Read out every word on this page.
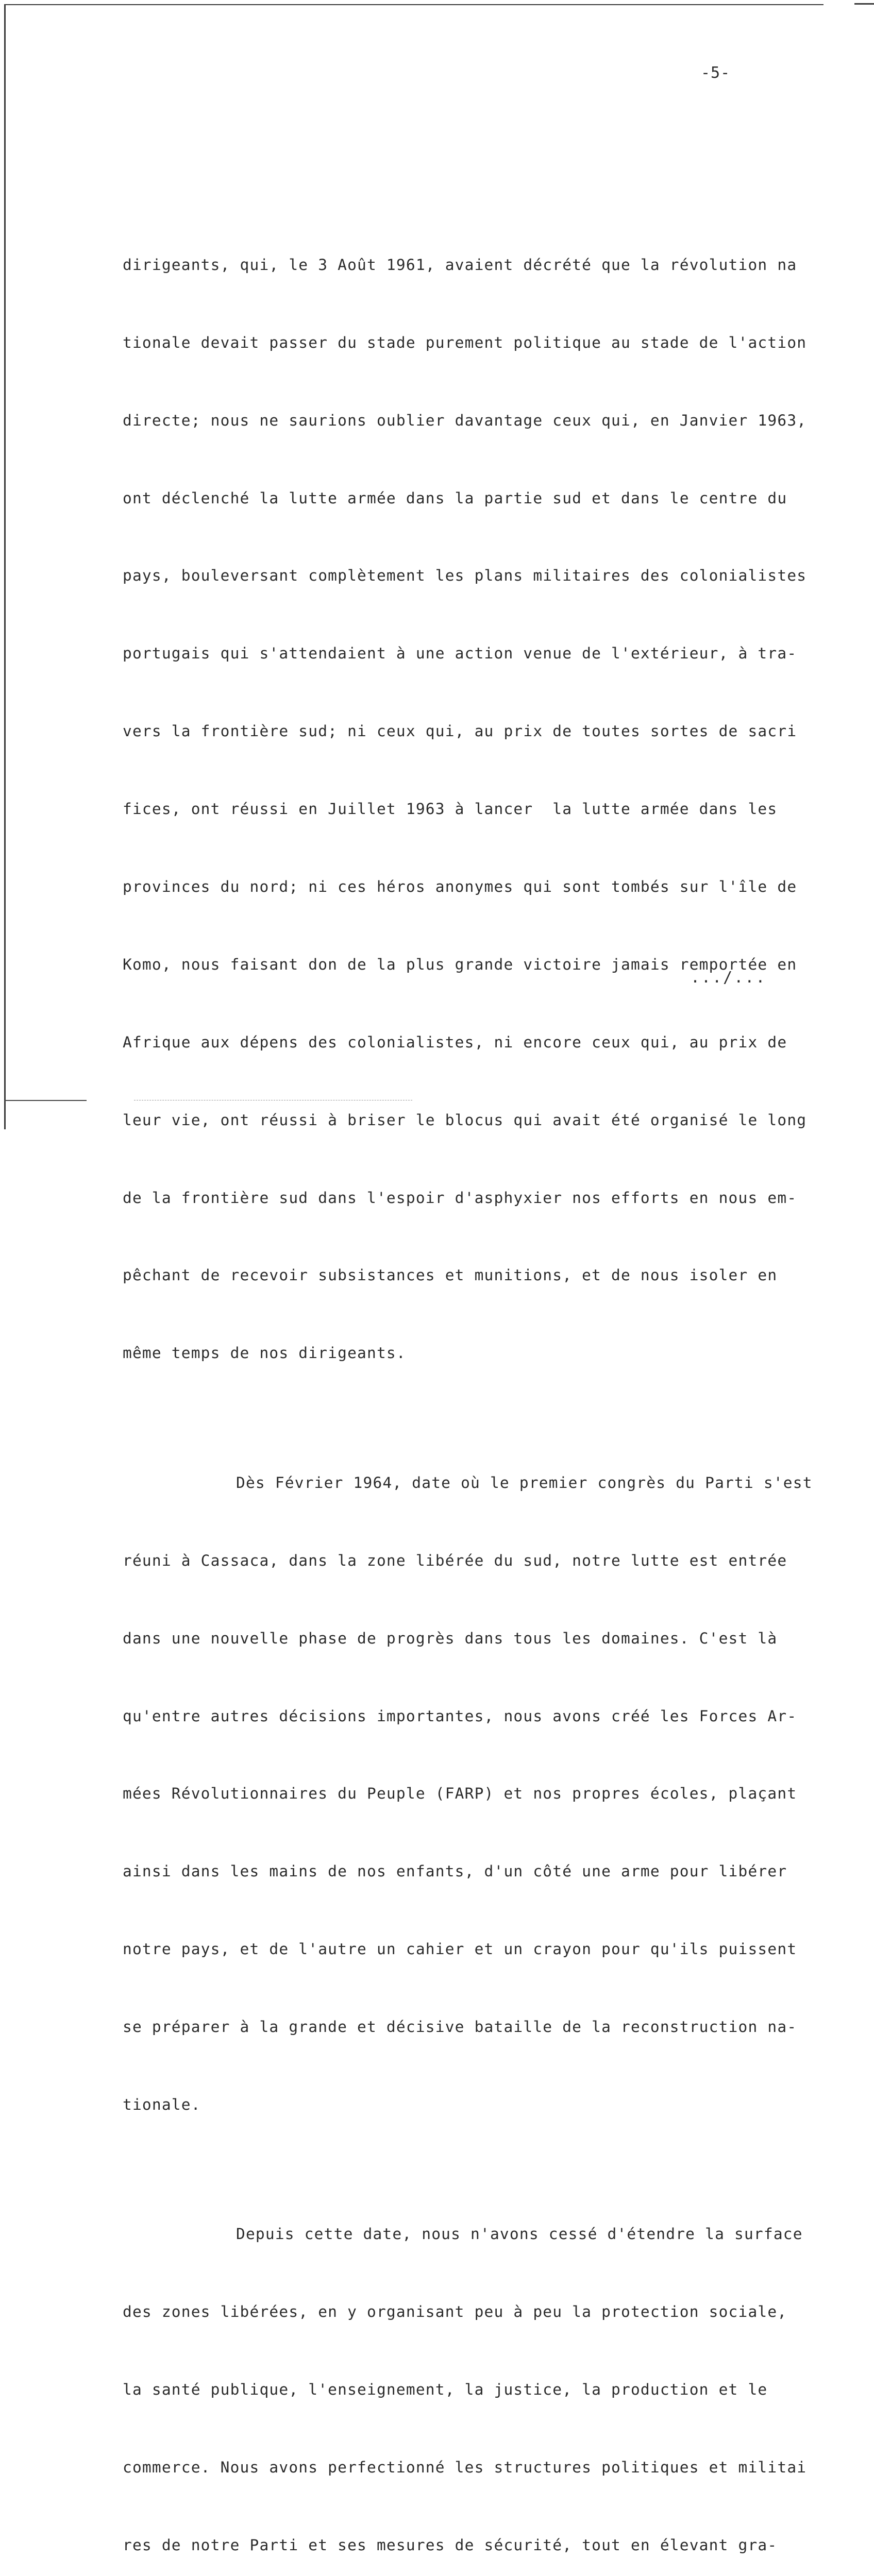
-5-

dirigeants, qui, le 3 Août 1961, avaient décrété que la révolution na

tionale devait passer du stade purement politique au stade de l'action

directe; nous ne saurions oublier davantage ceux qui, en Janvier 1963,

ont déclenché la lutte armée dans la partie sud et dans le centre du

pays, bouleversant complètement les plans militaires des colonialistes

portugais qui s'attendaient à une action venue de l'extérieur, à tra-

vers la frontière sud; ni ceux qui, au prix de toutes sortes de sacri

fices, ont réussi en Juillet 1963 à lancer  la lutte armée dans les

provinces du nord; ni ces héros anonymes qui sont tombés sur l'île de

Komo, nous faisant don de la plus grande victoire jamais remportée en

Afrique aux dépens des colonialistes, ni encore ceux qui, au prix de

leur vie, ont réussi à briser le blocus qui avait été organisé le long

de la frontière sud dans l'espoir d'asphyxier nos efforts en nous em-

pêchant de recevoir subsistances et munitions, et de nous isoler en

même temps de nos dirigeants.

Dès Février 1964, date où le premier congrès du Parti s'est

réuni à Cassaca, dans la zone libérée du sud, notre lutte est entrée

dans une nouvelle phase de progrès dans tous les domaines. C'est là

qu'entre autres décisions importantes, nous avons créé les Forces Ar-

mées Révolutionnaires du Peuple (FARP) et nos propres écoles, plaçant

ainsi dans les mains de nos enfants, d'un côté une arme pour libérer

notre pays, et de l'autre un cahier et un crayon pour qu'ils puissent

se préparer à la grande et décisive bataille de la reconstruction na-

tionale.

Depuis cette date, nous n'avons cessé d'étendre la surface

des zones libérées, en y organisant peu à peu la protection sociale,

la santé publique, l'enseignement, la justice, la production et le

commerce. Nous avons perfectionné les structures politiques et militai

res de notre Parti et ses mesures de sécurité, tout en élevant gra-

.../...
